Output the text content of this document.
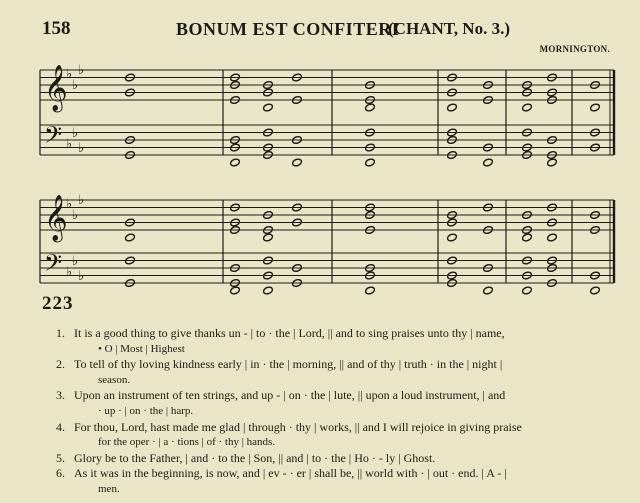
158	BONUM EST CONFITERI
(CHANT, No. 3.)
MORNINGTON.
𝄞
♭
♭
♭
𝄢 ♭
♭
♭
𝄞
♭
♭
♭
𝄢 ♭
♭
♭
223
1. It is a good thing to give thanks un - | to · the | Lord, || and to sing praises unto thy | name,
• O | Most | Highest
2. To tell of thy loving kindness early | in · the | morning, || and of thy | truth · in the | night |
season.
3. Upon an instrument of ten strings, and up - | on · the | lute, || upon a loud instrument, | and
· up · | on · the | harp.
4. For thou, Lord, hast made me glad | through · thy | works, || and I will rejoice in giving praise
for the oper · | a · tions | of · thy | hands.
5. Glory be to the Father, | and · to the | Son, || and | to · the | Ho · - ly | Ghost.
6. As it was in the beginning, is now, and | ev - · er | shall be, || world with · | out · end. | A - |
men.
